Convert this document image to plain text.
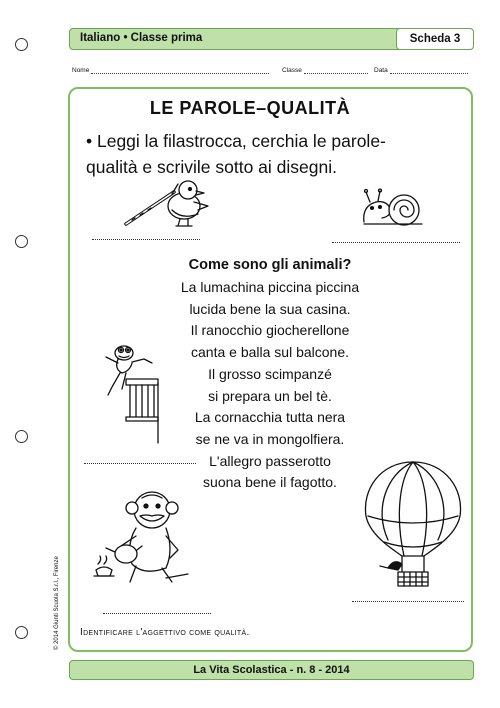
Italiano • Classe prima	Scheda 3
Nome	Classe	Data
LE PAROLE–QUALITÀ
• Leggi la filastrocca, cerchia le parole-
qualità e scrivile sotto ai disegni.
Come sono gli animali?
La lumachina piccina piccina
lucida bene la sua casina.
Il ranocchio giocherellone
canta e balla sul balcone.
Il grosso scimpanzé
si prepara un bel tè.
La cornacchia tutta nera
se ne va in mongolfiera.
L'allegro passerotto
suona bene il fagotto.
Identificare l'aggettivo come qualità.
La Vita Scolastica - n. 8 - 2014
© 2014 Giunti Scuola S.r.l., Firenze
